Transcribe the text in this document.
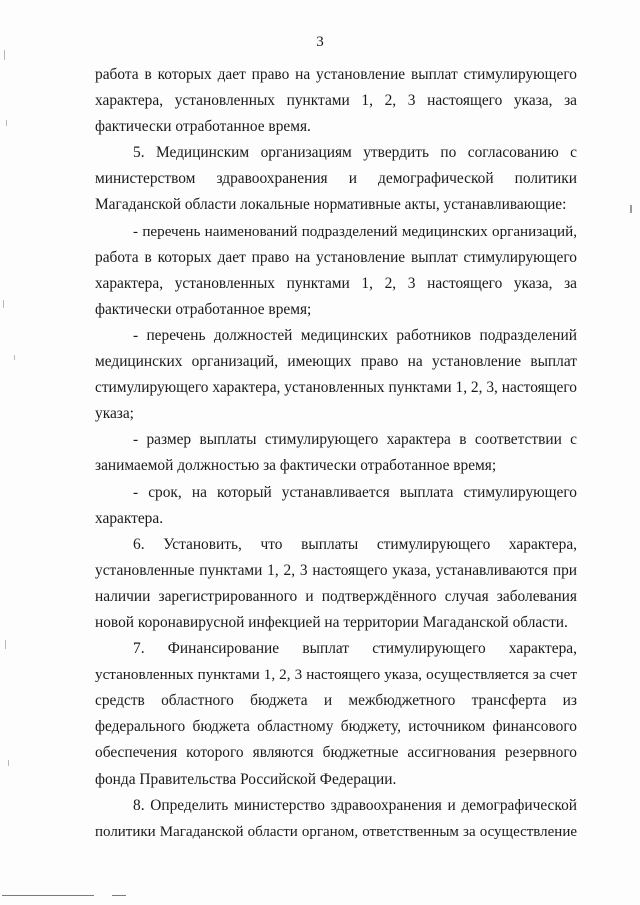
3
работа в которых дает право на установление выплат стимулирующего
характера, установленных пунктами 1, 2, 3 настоящего указа, за
фактически отработанное время.
5. Медицинским организациям утвердить по согласованию с
министерством здравоохранения и демографической политики
Магаданской области локальные нормативные акты, устанавливающие:
- перечень наименований подразделений медицинских организаций,
работа в которых дает право на установление выплат стимулирующего
характера, установленных пунктами 1, 2, 3 настоящего указа, за
фактически отработанное время;
- перечень должностей медицинских работников подразделений
медицинских организаций, имеющих право на установление выплат
стимулирующего характера, установленных пунктами 1, 2, 3, настоящего
указа;
- размер выплаты стимулирующего характера в соответствии с
занимаемой должностью за фактически отработанное время;
- срок, на который устанавливается выплата стимулирующего
характера.
6. Установить, что выплаты стимулирующего характера,
установленные пунктами 1, 2, 3 настоящего указа, устанавливаются при
наличии зарегистрированного и подтверждённого случая заболевания
новой коронавирусной инфекцией на территории Магаданской области.
7. Финансирование выплат стимулирующего характера,
установленных пунктами 1, 2, 3 настоящего указа, осуществляется за счет
средств областного бюджета и межбюджетного трансферта из
федерального бюджета областному бюджету, источником финансового
обеспечения которого являются бюджетные ассигнования резервного
фонда Правительства Российской Федерации.
8. Определить министерство здравоохранения и демографической
политики Магаданской области органом, ответственным за осуществление
